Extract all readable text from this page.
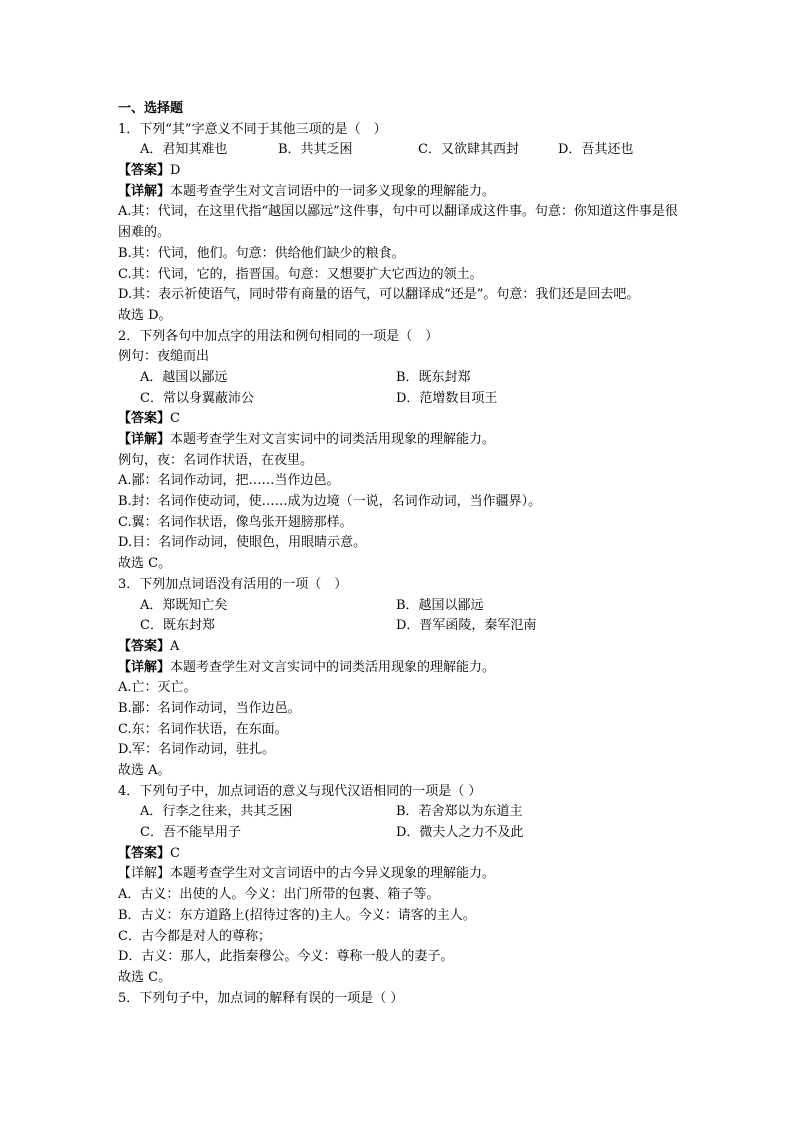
一、选择题
1．下列“其”字意义不同于其他三项的是（　）
A．君知其难也	B．共其乏困	C．又欲肆其西封	D．吾其还也
【答案】D
【详解】本题考查学生对文言词语中的一词多义现象的理解能力。
A.其：代词，在这里代指“越国以鄙远”这件事，句中可以翻译成这件事。句意：你知道这件事是很困难的。
B.其：代词，他们。句意：供给他们缺少的粮食。
C.其：代词，它的，指晋国。句意：又想要扩大它西边的领土。
D.其：表示祈使语气，同时带有商量的语气，可以翻译成“还是”。句意：我们还是回去吧。
故选 D。
2．下列各句中加点字的用法和例句相同的一项是（　）
例句：夜缒而出
A．越国以鄙远	B．既东封郑
C．常以身翼蔽沛公	D．范增数目项王
【答案】C
【详解】本题考查学生对文言实词中的词类活用现象的理解能力。
例句，夜：名词作状语，在夜里。
A.鄙：名词作动词，把……当作边邑。
B.封：名词作使动词，使……成为边境（一说，名词作动词，当作疆界）。
C.翼：名词作状语，像鸟张开翅膀那样。
D.目：名词作动词，使眼色，用眼睛示意。
故选 C。
3．下列加点词语没有活用的一项（　）
A．郑既知亡矣	B．越国以鄙远
C．既东封郑	D．晋军函陵，秦军氾南
【答案】A
【详解】本题考查学生对文言实词中的词类活用现象的理解能力。
A.亡：灭亡。
B.鄙：名词作动词，当作边邑。
C.东：名词作状语，在东面。
D.军：名词作动词，驻扎。
故选 A。
4．下列句子中，加点词语的意义与现代汉语相同的一项是（ ）
A．行李之往来，共其乏困	B．若舍郑以为东道主
C．吾不能早用子	D．微夫人之力不及此
【答案】C
【详解】本题考查学生对文言词语中的古今异义现象的理解能力。
A．古义：出使的人。今义：出门所带的包裹、箱子等。
B．古义：东方道路上(招待过客的)主人。今义：请客的主人。
C．古今都是对人的尊称；
D．古义：那人，此指秦穆公。今义：尊称一般人的妻子。
故选 C。
5．下列句子中，加点词的解释有误的一项是（ ）
